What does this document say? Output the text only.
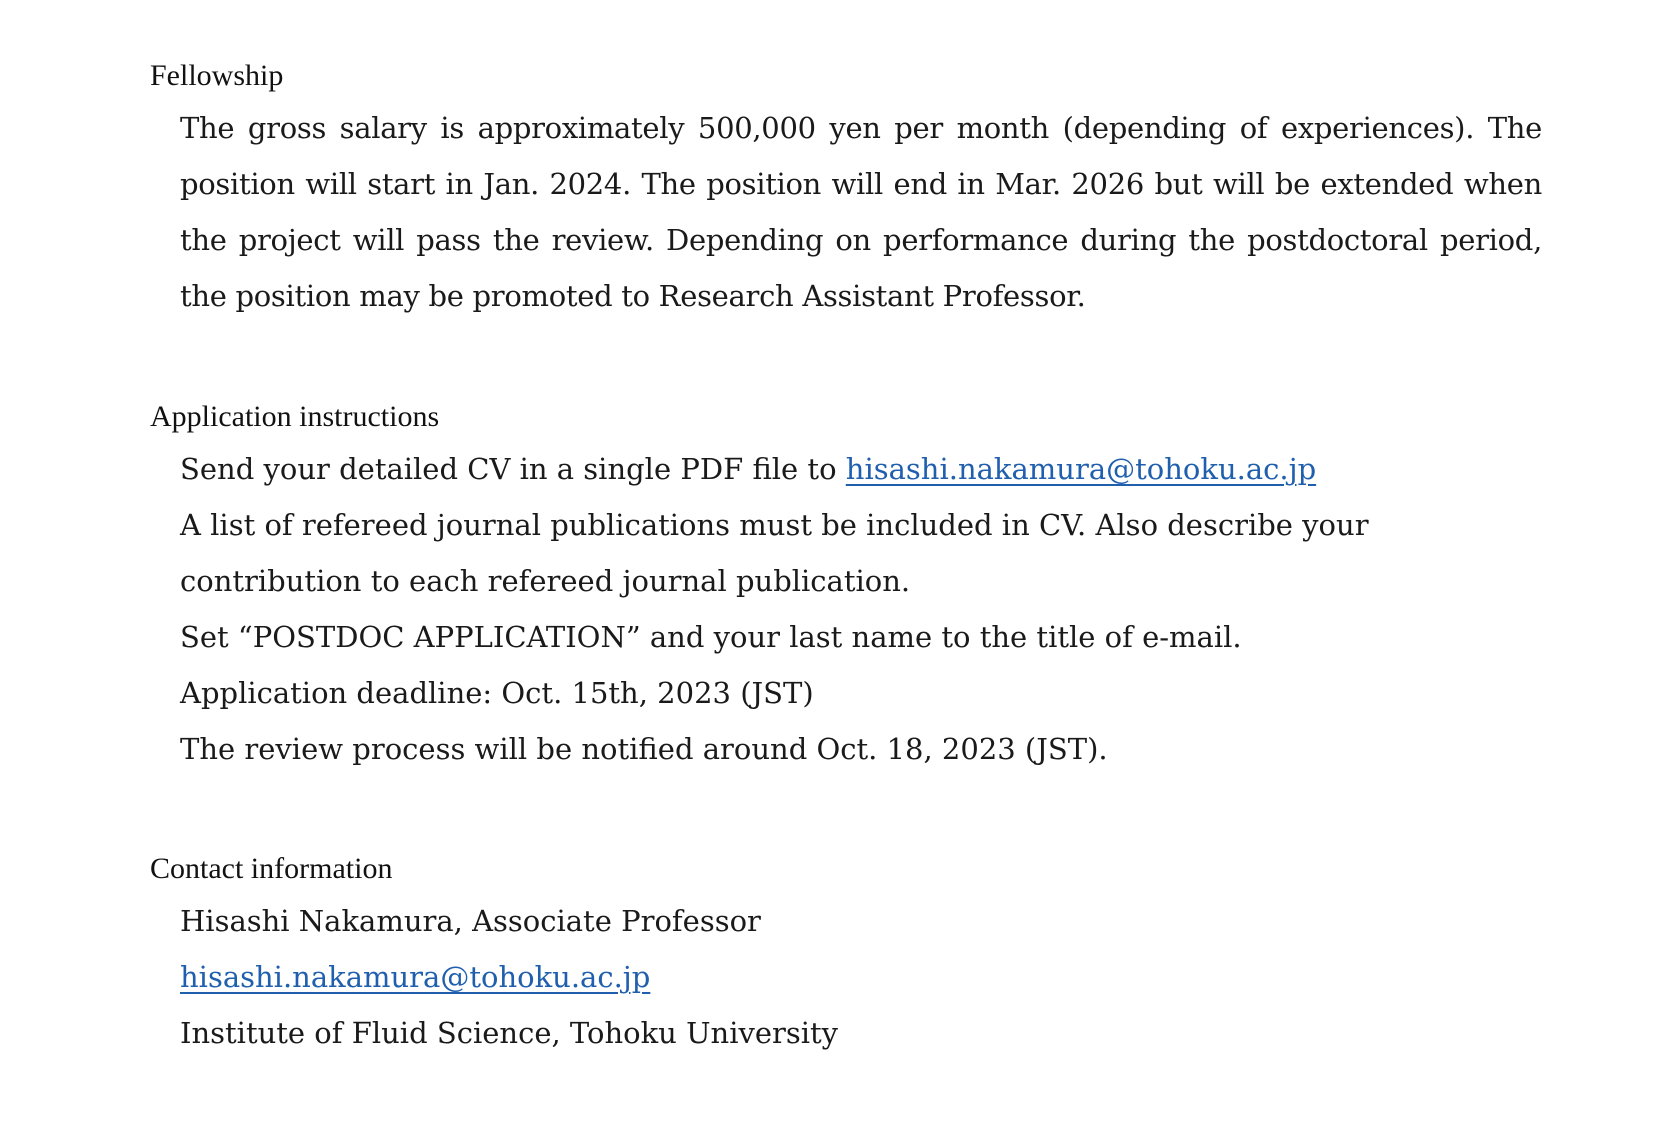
Fellowship
The gross salary is approximately 500,000 yen per month (depending of experiences). The
position will start in Jan. 2024. The position will end in Mar. 2026 but will be extended when
the project will pass the review. Depending on performance during the postdoctoral period,
the position may be promoted to Research Assistant Professor.
Application instructions
Send your detailed CV in a single PDF file to hisashi.nakamura@tohoku.ac.jp
A list of refereed journal publications must be included in CV. Also describe your
contribution to each refereed journal publication.
Set “POSTDOC APPLICATION” and your last name to the title of e-mail.
Application deadline: Oct. 15th, 2023 (JST)
The review process will be notified around Oct. 18, 2023 (JST).
Contact information
Hisashi Nakamura, Associate Professor
hisashi.nakamura@tohoku.ac.jp
Institute of Fluid Science, Tohoku University
